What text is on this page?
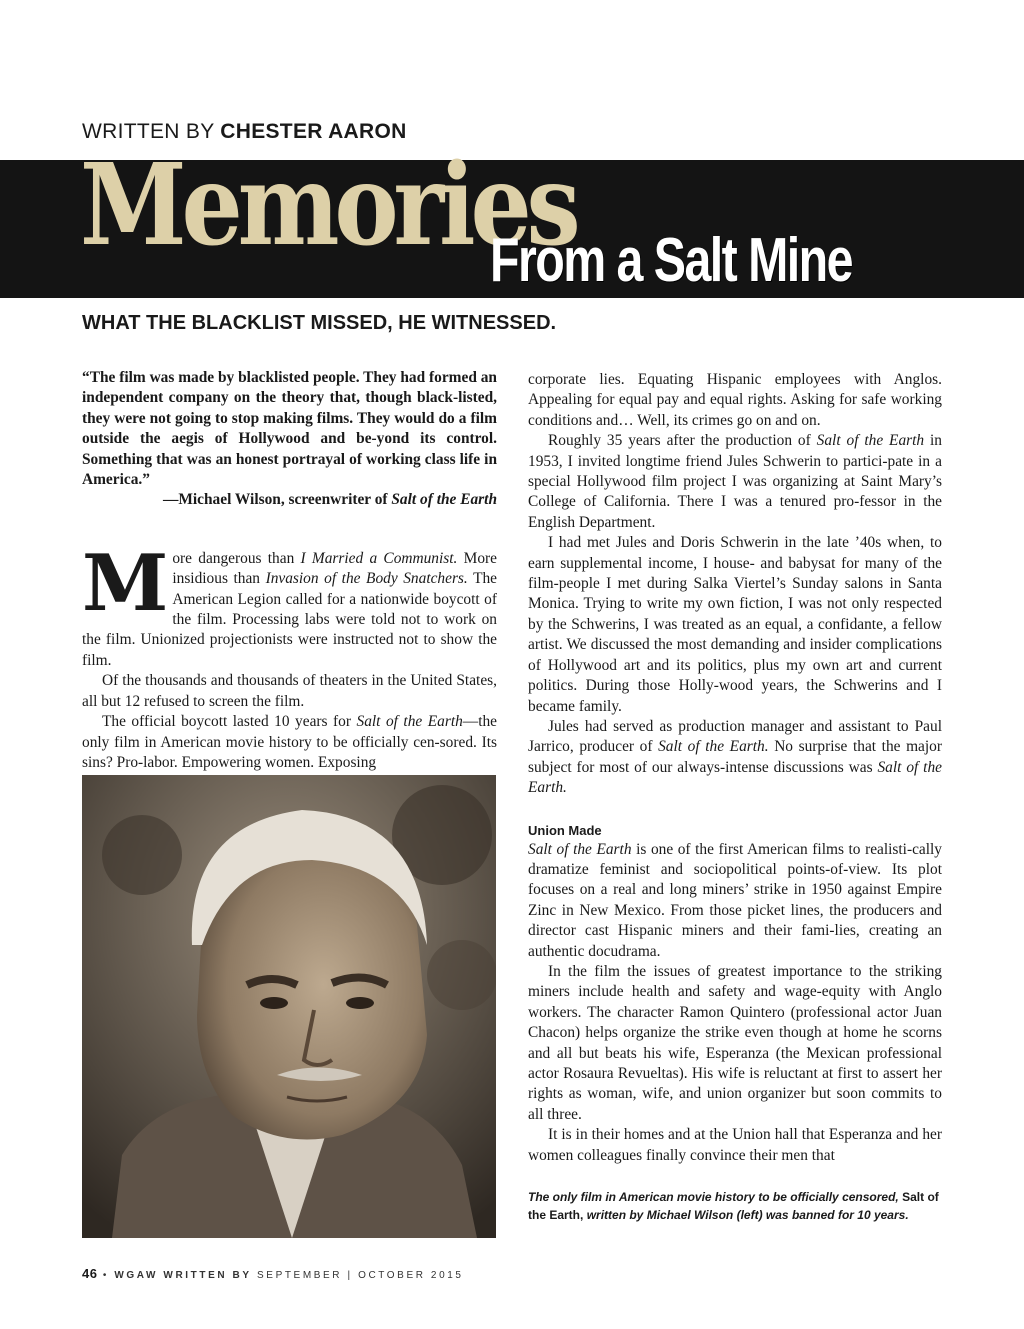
WRITTEN BY CHESTER AARON
Memories
From a Salt Mine
WHAT THE BLACKLIST MISSED, HE WITNESSED.

“The film was made by blacklisted people. They had formed an independent company on the theory that, though black-listed, they were not going to stop making films. They would do a film outside the aegis of Hollywood and be-yond its control. Something that was an honest portrayal of working class life in America.”

—Michael Wilson, screenwriter of Salt of the Earth

More dangerous than I Married a Communist. More insidious than Invasion of the Body Snatchers. The American Legion called for a nationwide boycott of the film. Processing labs were told not to work on the film. Unionized projectionists were instructed not to show the film.

Of the thousands and thousands of theaters in the United States, all but 12 refused to screen the film.

The official boycott lasted 10 years for Salt of the Earth—the only film in American movie history to be officially cen-sored. Its sins? Pro-labor. Empowering women. Exposing

corporate lies. Equating Hispanic employees with Anglos. Appealing for equal pay and equal rights. Asking for safe working conditions and… Well, its crimes go on and on.

Roughly 35 years after the production of Salt of the Earth in 1953, I invited longtime friend Jules Schwerin to partici-pate in a special Hollywood film project I was organizing at Saint Mary’s College of California. There I was a tenured pro-fessor in the English Department.

I had met Jules and Doris Schwerin in the late ’40s when, to earn supplemental income, I house- and babysat for many of the film-people I met during Salka Viertel’s Sunday salons in Santa Monica. Trying to write my own fiction, I was not only respected by the Schwerins, I was treated as an equal, a confidante, a fellow artist. We discussed the most demanding and insider complications of Hollywood art and its politics, plus my own art and current politics. During those Holly-wood years, the Schwerins and I became family.

Jules had served as production manager and assistant to Paul Jarrico, producer of Salt of the Earth. No surprise that the major subject for most of our always-intense discussions was Salt of the Earth.

Union Made

Salt of the Earth is one of the first American films to realisti-cally dramatize feminist and sociopolitical points-of-view. Its plot focuses on a real and long miners’ strike in 1950 against Empire Zinc in New Mexico. From those picket lines, the producers and director cast Hispanic miners and their fami-lies, creating an authentic docudrama.

In the film the issues of greatest importance to the striking miners include health and safety and wage-equity with Anglo workers. The character Ramon Quintero (professional actor Juan Chacon) helps organize the strike even though at home he scorns and all but beats his wife, Esperanza (the Mexican professional actor Rosaura Revueltas). His wife is reluctant at first to assert her rights as woman, wife, and union organizer but soon commits to all three.

It is in their homes and at the Union hall that Esperanza and her women colleagues finally convince their men that

The only film in American movie history to be officially censored, Salt of the Earth, written by Michael Wilson (left) was banned for 10 years.
46 • WGAW WRITTEN BY SEPTEMBER | OCTOBER 2015
